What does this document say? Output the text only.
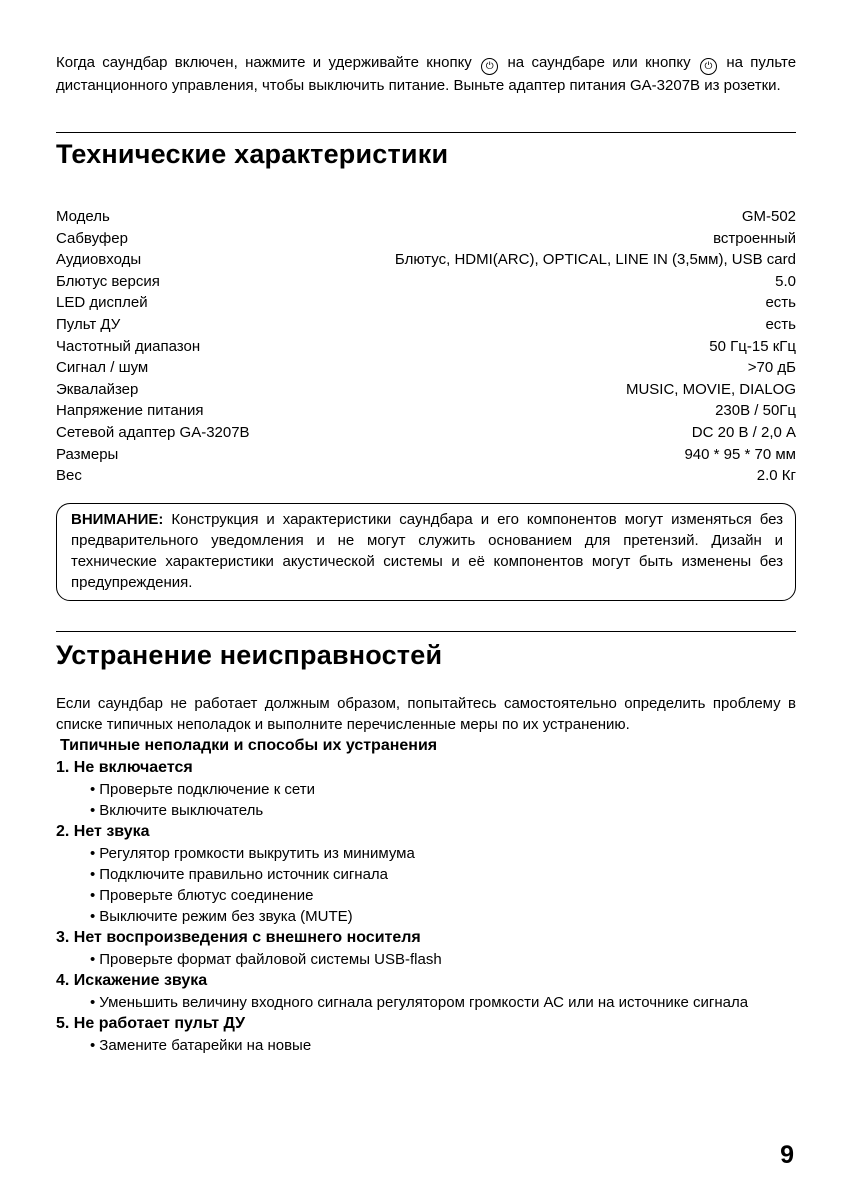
Когда саундбар включен, нажмите и удерживайте кнопку ⏻ на саундбаре или кнопку ⏻ на пульте дистанционного управления, чтобы выключить питание. Выньте адаптер питания GA-3207B из розетки.

Технические характеристики
Модель	GM-502
Сабвуфер	встроенный
Аудиовходы	Блютус, HDMI(ARC), OPTICAL, LINE IN (3,5мм), USB card
Блютус версия	5.0
LED дисплей	есть
Пульт ДУ	есть
Частотный диапазон	50 Гц-15 кГц
Сигнал / шум	>70 дБ
Эквалайзер	MUSIC, MOVIE, DIALOG
Напряжение питания	230В / 50Гц
Сетевой адаптер GA-3207B	DC 20 В / 2,0 А
Размеры	940 * 95 * 70 мм
Вес	2.0 Кг
ВНИМАНИЕ: Конструкция и характеристики саундбара и его компонентов могут изменяться без предварительного уведомления и не могут служить основанием для претензий. Дизайн и технические характеристики акустической системы и её компонентов могут быть изменены без предупреждения.
Устранение неисправностей

Если саундбар не работает должным образом, попытайтесь самостоятельно определить проблему в списке типичных неполадок и выполните перечисленные меры по их устранению.

Типичные неполадки и способы их устранения

1. Не включается

• Проверьте подключение к сети

• Включите выключатель

2. Нет звука

• Регулятор громкости выкрутить из минимума

• Подключите правильно источник сигнала

• Проверьте блютус соединение

• Выключите режим без звука (MUTE)

3. Нет воспроизведения с внешнего носителя

• Проверьте формат файловой системы USB-flash

4. Искажение звука

• Уменьшить величину входного сигнала регулятором громкости АС или на источнике сигнала

5. Не работает пульт ДУ

• Замените батарейки на новые

9
